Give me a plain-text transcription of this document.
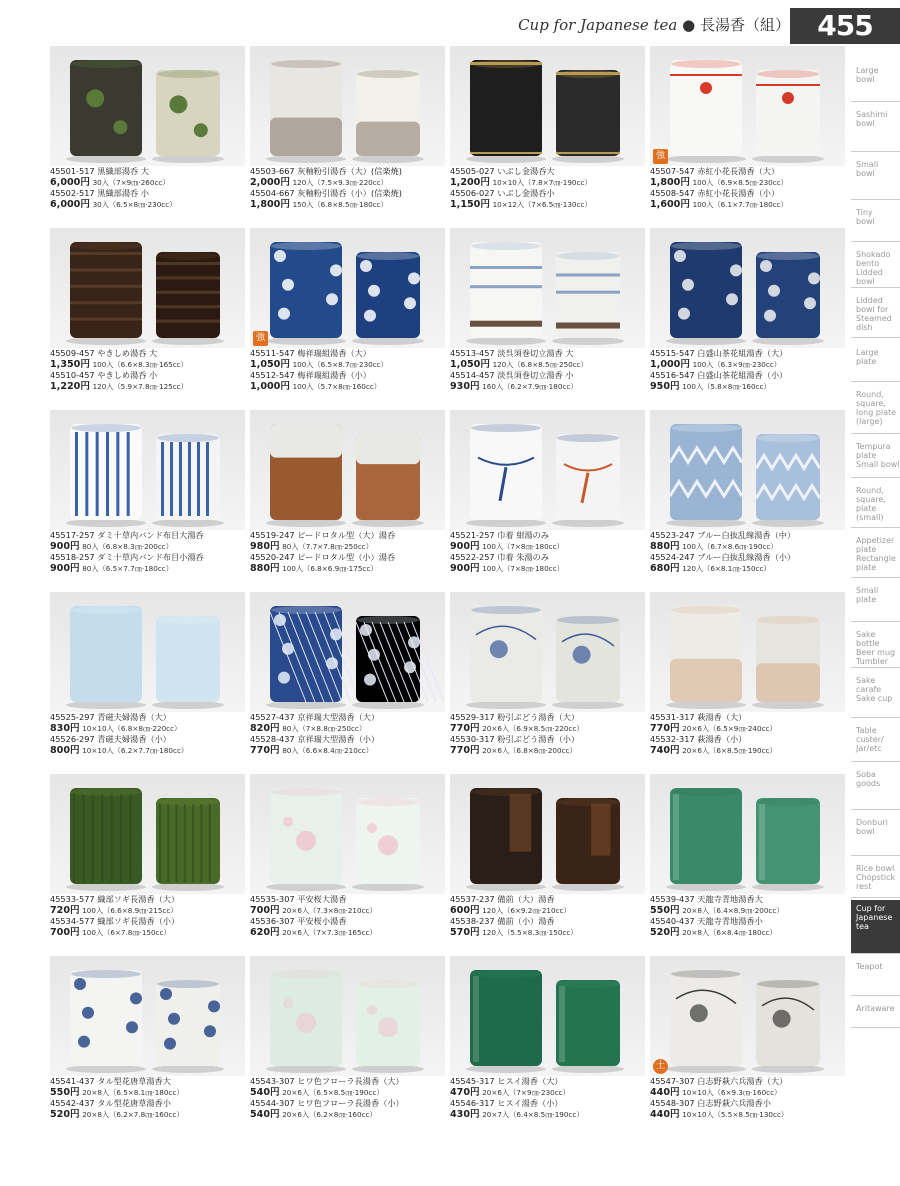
Cup for Japanese tea ● 長湯香（組） 455
45501-517 黒織部湯呑 大
6,000円 30入（7×9㎝·260cc）
45502-517 黒織部湯呑 小
6,000円 30入（6.5×8㎝·230cc）
45503-667 灰釉粉引湯呑（大）(信楽焼)
2,000円 120入（7.5×9.3㎝·220cc）
45504-667 灰釉粉引湯呑（小）(信楽焼)
1,800円 150入（6.8×8.5㎝·180cc）
45505-027 いぶし金湯呑大
1,200円 10×10入（7.8×7㎝·190cc）
45506-027 いぶし金湯呑小
1,150円 10×12入（7×6.5㎝·130cc）
強
45507-547 赤紅小花長湯香（大）
1,800円 100入（6.9×8.5㎝·230cc）
45508-547 赤紅小花長湯香（小）
1,600円 100入（6.1×7.7㎝·180cc）
45509-457 やきしめ湯呑 大
1,350円 100入（6.6×8.3㎝·165cc）
45510-457 やきしめ湯呑 小
1,220円 120入（5.9×7.8㎝·125cc）
強
45511-547 梅祥瑞組湯香（大）
1,050円 100入（6.5×8.7㎝·230cc）
45512-547 梅祥瑞組湯香（小）
1,000円 100入（5.7×8㎝·160cc）
45513-457 淡呉須巻切立湯香 大
1,050円 120入（6.8×8.5㎝·250cc）
45514-457 淡呉須巻切立湯香 小
930円 160入（6.2×7.9㎝·180cc）
45515-547 白盛山茶花組湯香（大）
1,000円 100入（6.3×9㎝·230cc）
45516-547 白盛山茶花組湯香（小）
950円 100入（5.8×8㎝·160cc）
45517-257 ダミ十草内バンド布目大湯呑
900円 80入（6.8×8.3㎝·200cc）
45518-257 ダミ十草内バンド布目小湯呑
900円 80入（6.5×7.7㎝·180cc）
45519-247 ピードロタル型（大）湯呑
980円 80入（7.7×7.8㎝·250cc）
45520-247 ピードロタル型（小）湯呑
880円 100入（6.8×6.9㎝·175cc）
45521-257 巾着 紺湯のみ
900円 100入（7×8㎝·180cc）
45522-257 巾着 朱湯のみ
900円 100入（7×8㎝·180cc）
45523-247 ブルー白抜乱線湯香（中）
880円 100入（6.7×8.6㎝·190cc）
45524-247 ブルー白抜乱線湯香（小）
680円 120入（6×8.1㎝·150cc）
45525-297 青磁夫婦湯香（大）
830円 10×10入（6.8×8㎝·220cc）
45526-297 青磁夫婦湯香（小）
800円 10×10入（6.2×7.7㎝·180cc）
45527-437 京祥瑞大型湯香（大）
820円 80入（7×8.8㎝·250cc）
45528-437 京祥瑞大型湯香（小）
770円 80入（6.6×8.4㎝·210cc）
45529-317 粉引ぶどう湯香（大）
770円 20×6入（6.9×8.5㎝·220cc）
45530-317 粉引ぶどう湯香（小）
770円 20×6入（6.8×8㎝·200cc）
45531-317 萩湯香（大）
770円 20×6入（6.5×9㎝·240cc）
45532-317 萩湯香（小）
740円 20×6入（6×8.5㎝·190cc）
45533-577 織部ソギ長湯香（大）
720円 100入（6.6×8.9㎝·215cc）
45534-577 織部ソギ長湯香（小）
700円 100入（6×7.8㎝·150cc）
45535-307 平安桜大湯香
700円 20×6入（7.3×8㎝·210cc）
45536-307 平安桜小湯香
620円 20×6入（7×7.3㎝·165cc）
45537-237 備前（大）湯香
600円 120入（6×9.2㎝·210cc）
45538-237 備前（小）湯香
570円 120入（5.5×8.3㎝·150cc）
45539-437 天龍寺青地湯香大
550円 20×8入（6.4×8.9㎝·200cc）
45540-437 天龍寺青地湯香小
520円 20×8入（6×8.4㎝·180cc）
45541-437 タル型花唐草湯香大
550円 20×8入（6.5×8.1㎝·180cc）
45542-437 タル型花唐草湯香小
520円 20×8入（6.2×7.8㎝·160cc）
45543-307 ヒワ色フローラ長湯香（大）
540円 20×6入（6.5×8.5㎝·190cc）
45544-307 ヒワ色フローラ長湯香（小）
540円 20×6入（6.2×8㎝·160cc）
45545-317 ヒスイ湯香（大）
470円 20×6入（7×9㎝·230cc）
45546-317 ヒスイ湯香（小）
430円 20×7入（6.4×8.5㎝·190cc）
土
45547-307 白志野萩六兵湯香（大）
440円 10×10入（6×9.3㎝·160cc）
45548-307 白志野萩六兵湯香小
440円 10×10入（5.5×8.5㎝·130cc）
Large
bowl
Sashimi
bowl
Small
bowl
Tiny
bowl
Shokado
bento
Lidded
bowl
Lidded
bowl for
Steamed
dish
Large
plate
Round,
square,
long plate
(large)
Tempura
plate
Small bowl
Round,
square,
plate
(small)
Appetizer
plate
Rectangle
plate
Small
plate
Sake bottle
Beer mug
Tumbler
Sake
carafe
Sake cup
Table
custer/
Jar/etc
Soba
goods
Donburi
bowl
Rice bowl
Chopstick
rest
Cup for
Japanese
tea
Teapot
Aritaware
